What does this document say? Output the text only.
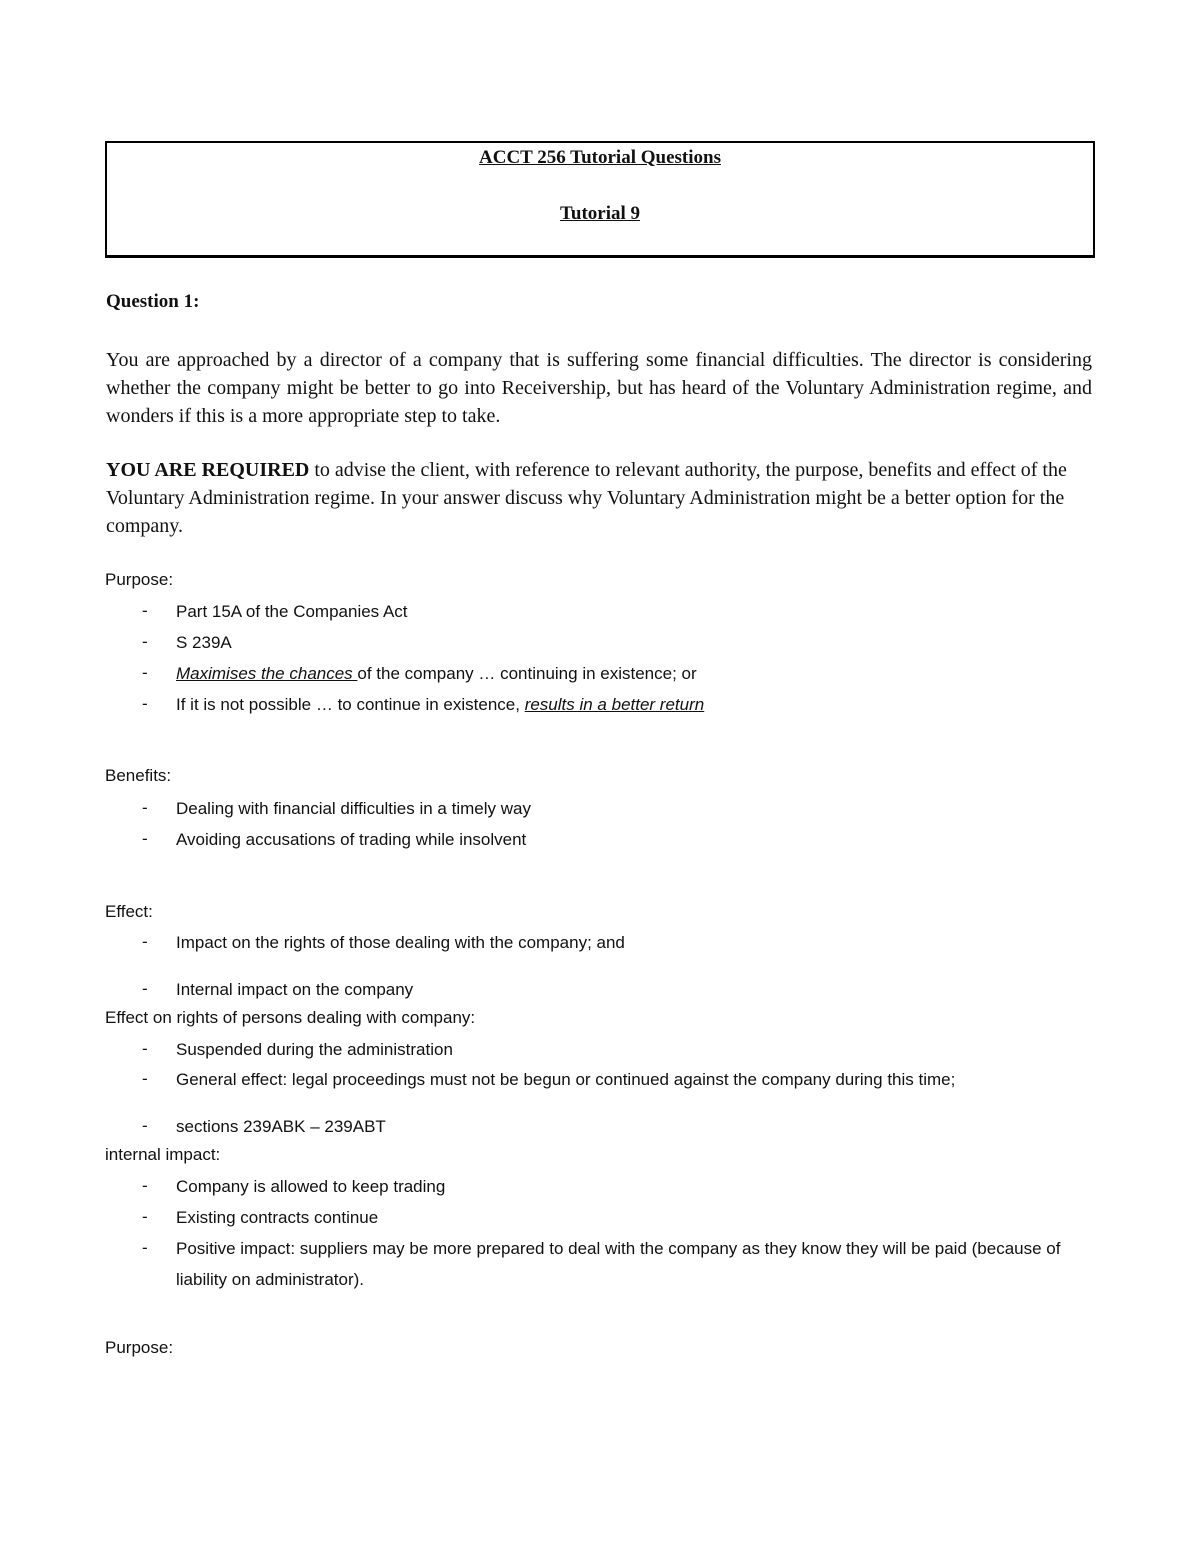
ACCT 256 Tutorial Questions
Tutorial 9
Question 1:
You are approached by a director of a company that is suffering some financial difficulties. The director is considering whether the company might be better to go into Receivership, but has heard of the Voluntary Administration regime, and wonders if this is a more appropriate step to take.
YOU ARE REQUIRED to advise the client, with reference to relevant authority, the purpose, benefits and effect of the Voluntary Administration regime. In your answer discuss why Voluntary Administration might be a better option for the company.
Purpose:
- Part 15A of the Companies Act
- S 239A
- Maximises the chances of the company … continuing in existence; or
- If it is not possible … to continue in existence, results in a better return
Benefits:
- Dealing with financial difficulties in a timely way
- Avoiding accusations of trading while insolvent
Effect:
- Impact on the rights of those dealing with the company; and
- Internal impact on the company
Effect on rights of persons dealing with company:
- Suspended during the administration
- General effect: legal proceedings must not be begun or continued against the company during this time;
- sections 239ABK – 239ABT
internal impact:
- Company is allowed to keep trading
- Existing contracts continue
- Positive impact: suppliers may be more prepared to deal with the company as they know they will be paid (because of liability on administrator).
Purpose:
